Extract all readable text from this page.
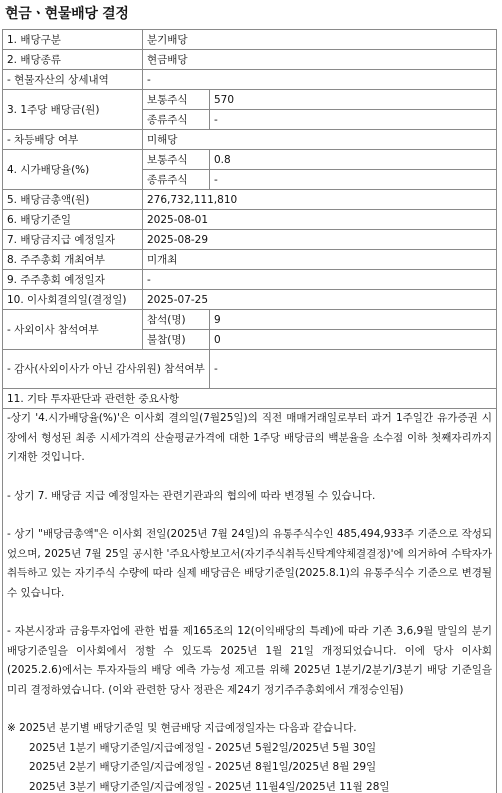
현금ㆍ현물배당 결정
1. 배당구분	분기배당	
2. 배당종류	현금배당	
- 현물자산의 상세내역	-	
3. 1주당 배당금(원)	보통주식	570
	종류주식	-
- 차등배당 여부	미해당	
4. 시가배당율(%)	보통주식	0.8
	종류주식	-
5. 배당금총액(원)	276,732,111,810	
6. 배당기준일	2025-08-01	
7. 배당금지급 예정일자	2025-08-29	
8. 주주총회 개최여부	미개최	
9. 주주총회 예정일자	-	
10. 이사회결의일(결정일)	2025-07-25	
- 사외이사 참석여부	참석(명)	9
	불참(명)	0
- 감사(사외이사가 아닌 감사위원) 참석여부		-
11. 기타 투자판단과 관련한 중요사항		

-상기 '4.시가배당율(%)'은 이사회 결의일(7월25일)의 직전 매매거래일로부터 과거 1주일간 유가증권 시장에서 형성된 최종 시세가격의 산술평균가격에 대한 1주당 배당금의 백분율을 소수점 이하 첫째자리까지 기재한 것입니다.

- 상기 7. 배당금 지급 예정일자는 관련기관과의 협의에 따라 변경될 수 있습니다.

- 상기 "배당금총액"은 이사회 전일(2025년 7월 24일)의 유통주식수인 485,494,933주 기준으로 작성되었으며, 2025년 7월 25일 공시한 '주요사항보고서(자기주식취득신탁계약체결결정)'에 의거하여 수탁자가 취득하고 있는 자기주식 수량에 따라 실제 배당금은 배당기준일(2025.8.1)의 유통주식수 기준으로 변경될 수 있습니다.

- 자본시장과 금융투자업에 관한 법률 제165조의 12(이익배당의 특례)에 따라 기존 3,6,9월 말일의 분기배당기준일을 이사회에서 정할 수 있도록 2025년 1월 21일 개정되었습니다. 이에 당사 이사회(2025.2.6)에서는 투자자들의 배당 예측 가능성 제고를 위해 2025년 1분기/2분기/3분기 배당 기준일을 미리 결정하였습니다. (이와 관련한 당사 정관은 제24기 정기주주총회에서 개정승인됨)

※ 2025년 분기별 배당기준일 및 현금배당 지급예정일자는 다음과 같습니다.

2025년 1분기 배당기준일/지급예정일 - 2025년 5월2일/2025년 5월 30일
2025년 2분기 배당기준일/지급예정일 - 2025년 8월1일/2025년 8월 29일
2025년 3분기 배당기준일/지급예정일 - 2025년 11월4일/2025년 11월 28일
